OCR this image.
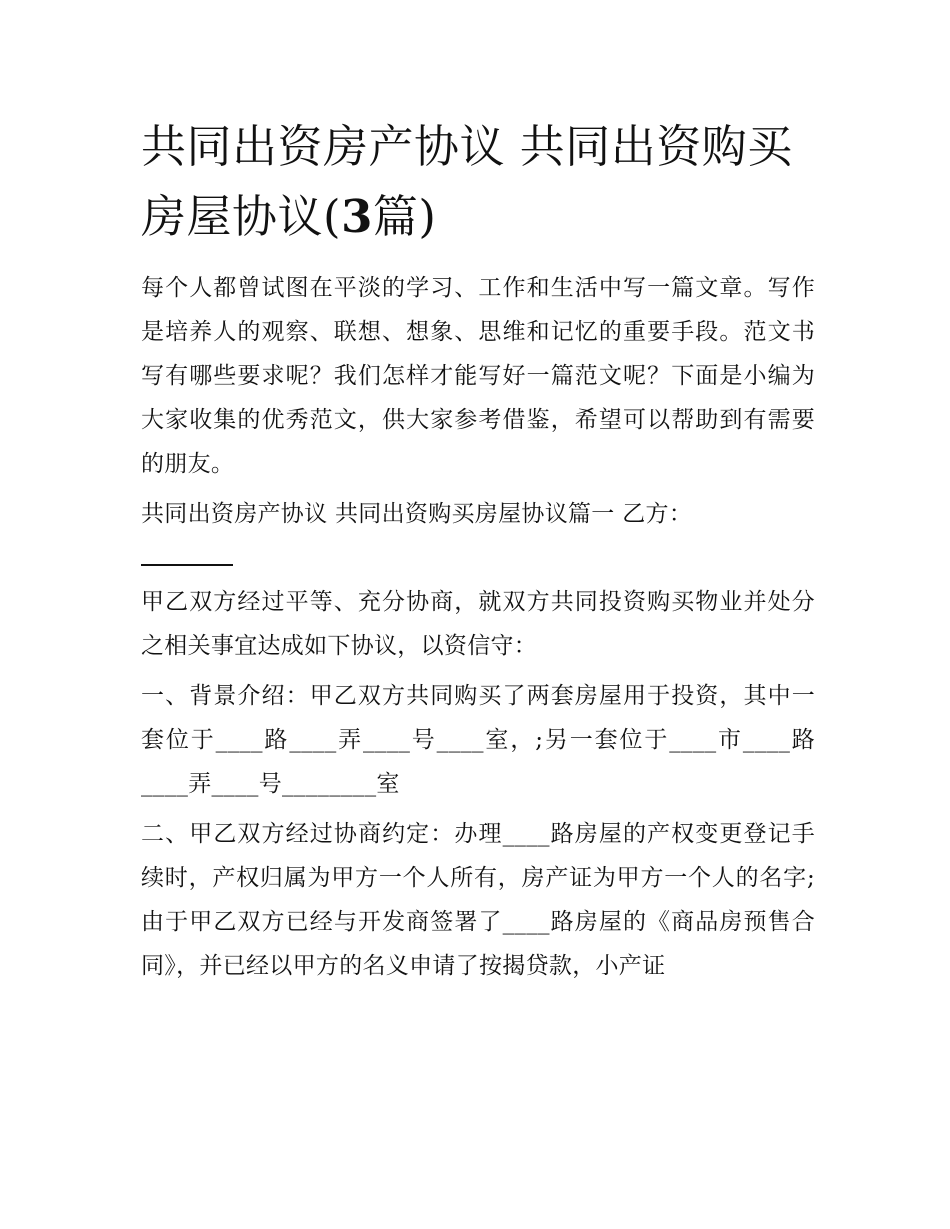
共同出资房产协议 共同出资购买房屋协议(3篇)

每个人都曾试图在平淡的学习、工作和生活中写一篇文章。写作是培养人的观察、联想、想象、思维和记忆的重要手段。范文书写有哪些要求呢？我们怎样才能写好一篇范文呢？下面是小编为大家收集的优秀范文，供大家参考借鉴，希望可以帮助到有需要的朋友。

共同出资房产协议 共同出资购买房屋协议篇一 乙方：

甲乙双方经过平等、充分协商，就双方共同投资购买物业并处分之相关事宜达成如下协议，以资信守：

一、背景介绍：甲乙双方共同购买了两套房屋用于投资，其中一套位于____路____弄____号____室，;另一套位于____市____路____弄____号________室

二、甲乙双方经过协商约定：办理____路房屋的产权变更登记手续时，产权归属为甲方一个人所有，房产证为甲方一个人的名字;由于甲乙双方已经与开发商签署了____路房屋的《商品房预售合同》，并已经以甲方的名义申请了按揭贷款，小产证
